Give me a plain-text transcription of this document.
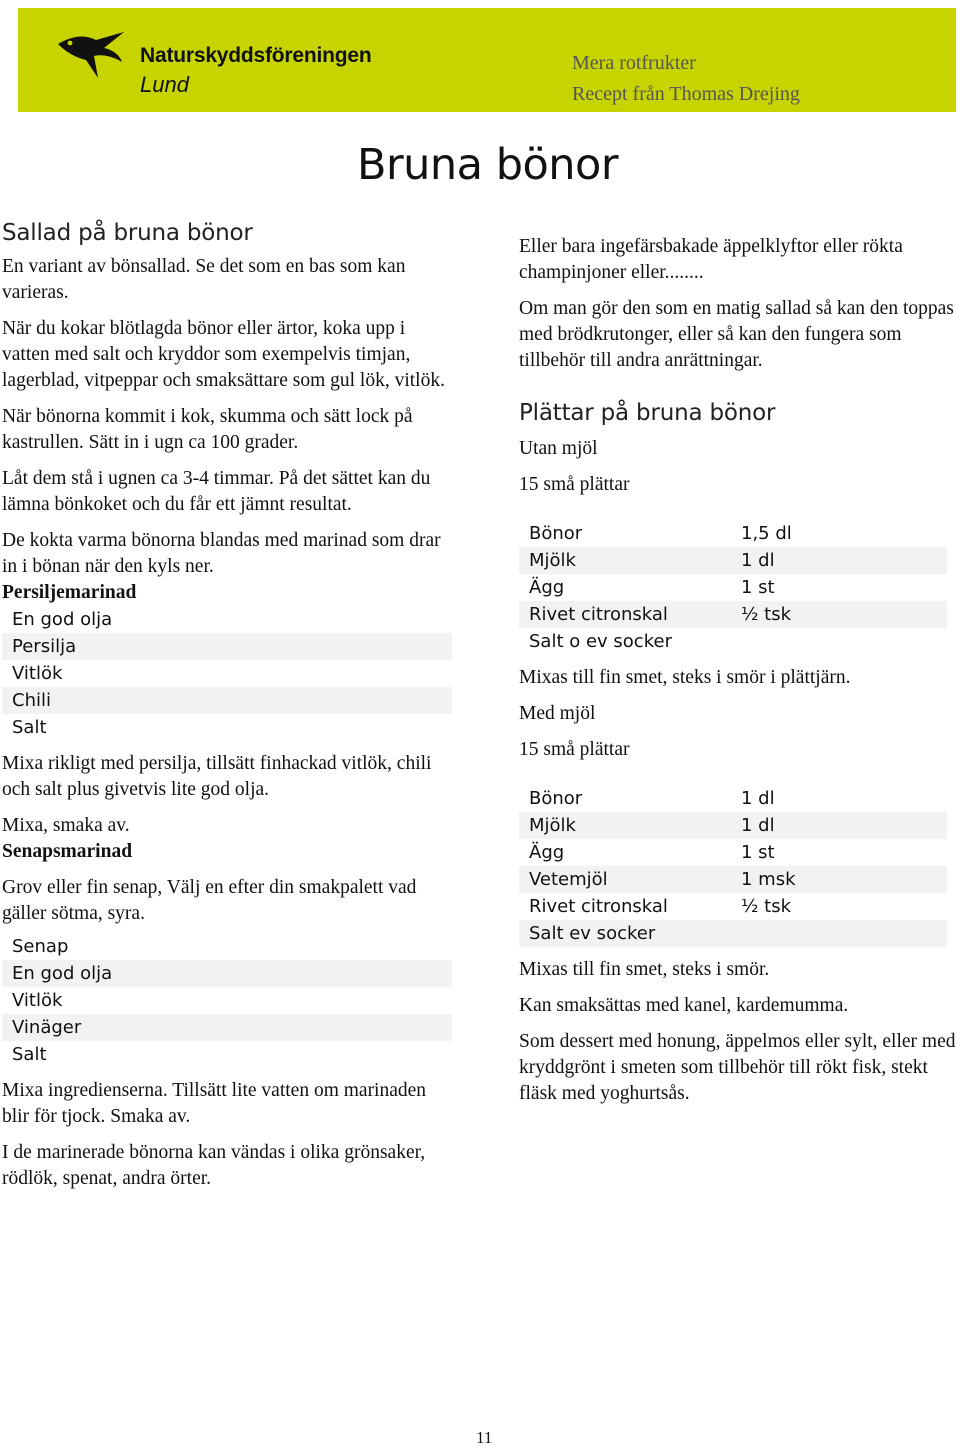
Naturskyddsföreningen
Lund
Mera rotfrukter
Recept från Thomas Drejing
Bruna bönor
Sallad på bruna bönor

En variant av bönsallad. Se det som en bas som kan varieras.

När du kokar blötlagda bönor eller ärtor, koka upp i vatten med salt och kryddor som exempelvis timjan, lagerblad, vitpeppar och smaksättare som gul lök, vitlök.

När bönorna kommit i kok, skumma och sätt lock på kastrullen. Sätt in i ugn ca 100 grader.

Låt dem stå i ugnen ca 3-4 timmar. På det sättet kan du lämna bönkoket och du får ett jämnt resultat.

De kokta varma bönorna blandas med marinad som drar in i bönan när den kyls ner.

Persiljemarinad
En god olja
Persilja
Vitlök
Chili
Salt

Mixa rikligt med persilja, tillsätt finhackad vitlök, chili och salt plus givetvis lite god olja.

Mixa, smaka av.

Senapsmarinad

Grov eller fin senap, Välj en efter din smakpalett vad gäller sötma, syra.

Senap
En god olja
Vitlök
Vinäger
Salt

Mixa ingredienserna. Tillsätt lite vatten om marinaden blir för tjock. Smaka av.

I de marinerade bönorna kan vändas i olika grönsaker, rödlök, spenat, andra örter.

Eller bara ingefärsbakade äppelklyftor eller rökta champinjoner eller........

Om man gör den som en matig sallad så kan den toppas med brödkrutonger, eller så kan den fungera som tillbehör till andra anrättningar.

Plättar på bruna bönor

Utan mjöl

15 små plättar

Bönor	1,5 dl
Mjölk	1 dl
Ägg	1 st
Rivet citronskal	½ tsk
Salt o ev socker

Mixas till fin smet, steks i smör i plättjärn.

Med mjöl

15 små plättar

Bönor	1 dl
Mjölk	1 dl
Ägg	1 st
Vetemjöl	1 msk
Rivet citronskal	½ tsk
Salt ev socker

Mixas till fin smet, steks i smör.

Kan smaksättas med kanel, kardemumma.

Som dessert med honung, äppelmos eller sylt, eller med kryddgrönt i smeten som tillbehör till rökt fisk, stekt fläsk med yoghurtsås.

11
